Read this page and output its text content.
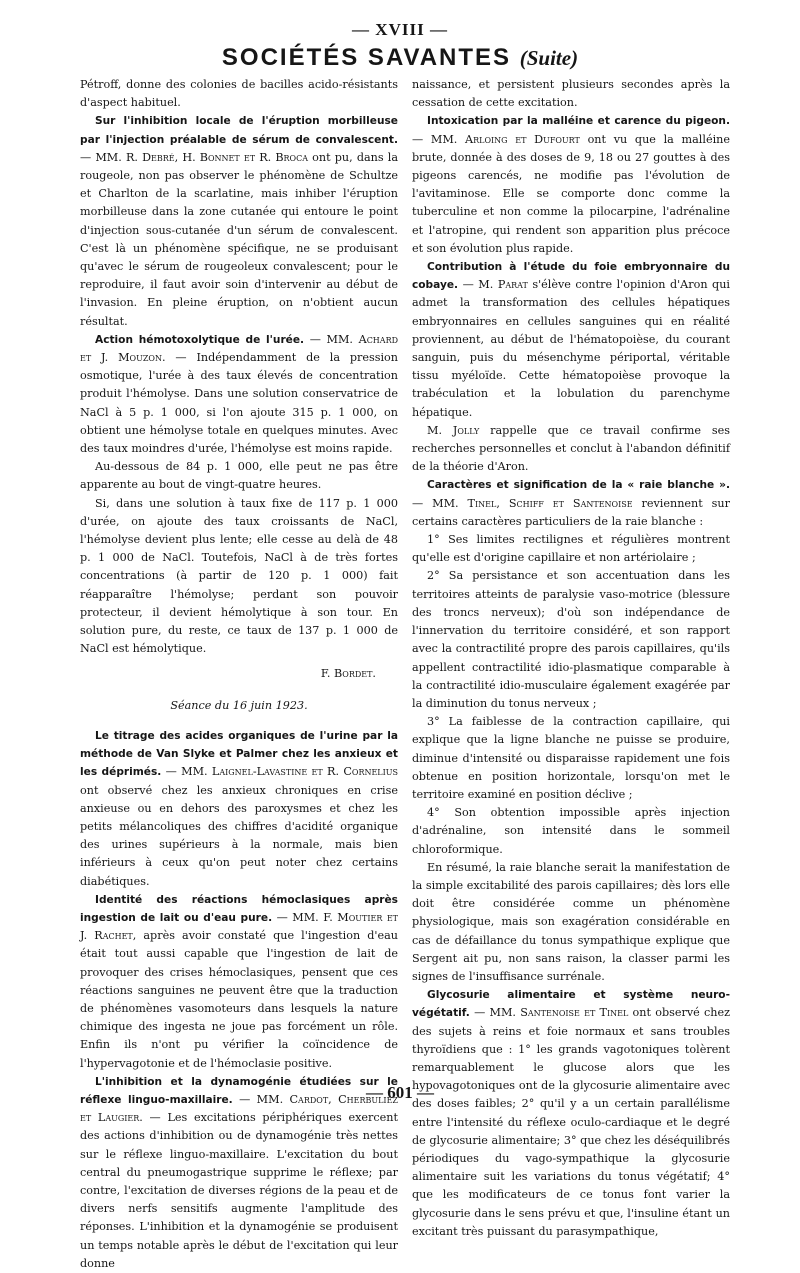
— XVIII —
SOCIÉTÉS SAVANTES (Suite)

Pétroff, donne des colonies de bacilles acido-résistants d'aspect habituel.

Sur l'inhibition locale de l'éruption morbilleuse par l'injection préalable de sérum de convalescent. — MM. R. Debré, H. Bonnet et R. Broca ont pu, dans la rougeole, non pas observer le phénomène de Schultze et Charlton de la scarlatine, mais inhiber l'éruption morbilleuse dans la zone cutanée qui entoure le point d'injection sous-cutanée d'un sérum de convalescent. C'est là un phénomène spécifique, ne se produisant qu'avec le sérum de rougeoleux convalescent; pour le reproduire, il faut avoir soin d'intervenir au début de l'invasion. En pleine éruption, on n'obtient aucun résultat.

Action hémotoxolytique de l'urée. — MM. Achard et J. Mouzon. — Indépendamment de la pression osmotique, l'urée à des taux élevés de concentration produit l'hémolyse. Dans une solution conservatrice de NaCl à 5 p. 1 000, si l'on ajoute 315 p. 1 000, on obtient une hémolyse totale en quelques minutes. Avec des taux moindres d'urée, l'hémolyse est moins rapide.

Au-dessous de 84 p. 1 000, elle peut ne pas être apparente au bout de vingt-quatre heures.

Si, dans une solution à taux fixe de 117 p. 1 000 d'urée, on ajoute des taux croissants de NaCl, l'hémolyse devient plus lente; elle cesse au delà de 48 p. 1 000 de NaCl. Toutefois, NaCl à de très fortes concentrations (à partir de 120 p. 1 000) fait réapparaître l'hémolyse; perdant son pouvoir protecteur, il devient hémolytique à son tour. En solution pure, du reste, ce taux de 137 p. 1 000 de NaCl est hémolytique.

F. Bordet.

Séance du 16 juin 1923.

Le titrage des acides organiques de l'urine par la méthode de Van Slyke et Palmer chez les anxieux et les déprimés. — MM. Laignel-Lavastine et R. Cornelius ont observé chez les anxieux chroniques en crise anxieuse ou en dehors des paroxysmes et chez les petits mélancoliques des chiffres d'acidité organique des urines supérieurs à la normale, mais bien inférieurs à ceux qu'on peut noter chez certains diabétiques.

Identité des réactions hémoclasiques après ingestion de lait ou d'eau pure. — MM. F. Moutier et J. Rachet, après avoir constaté que l'ingestion d'eau était tout aussi capable que l'ingestion de lait de provoquer des crises hémoclasiques, pensent que ces réactions sanguines ne peuvent être que la traduction de phénomènes vasomoteurs dans lesquels la nature chimique des ingesta ne joue pas forcément un rôle. Enfin ils n'ont pu vérifier la coïncidence de l'hypervagotonie et de l'hémoclasie positive.

L'inhibition et la dynamogénie étudiées sur le réflexe linguo-maxillaire. — MM. Cardot, Cherbuliez et Laugier. — Les excitations périphériques exercent des actions d'inhibition ou de dynamogénie très nettes sur le réflexe linguo-maxillaire. L'excitation du bout central du pneumogastrique supprime le réflexe; par contre, l'excitation de diverses régions de la peau et de divers nerfs sensitifs augmente l'amplitude des réponses. L'inhibition et la dynamogénie se produisent un temps notable après le début de l'excitation qui leur donne

naissance, et persistent plusieurs secondes après la cessation de cette excitation.

Intoxication par la malléine et carence du pigeon. — MM. Arloing et Dufourt ont vu que la malléine brute, donnée à des doses de 9, 18 ou 27 gouttes à des pigeons carencés, ne modifie pas l'évolution de l'avitaminose. Elle se comporte donc comme la tuberculine et non comme la pilocarpine, l'adrénaline et l'atropine, qui rendent son apparition plus précoce et son évolution plus rapide.

Contribution à l'étude du foie embryonnaire du cobaye. — M. Parat s'élève contre l'opinion d'Aron qui admet la transformation des cellules hépatiques embryonnaires en cellules sanguines qui en réalité proviennent, au début de l'hématopoièse, du courant sanguin, puis du mésenchyme périportal, véritable tissu myéloïde. Cette hématopoièse provoque la trabéculation et la lobulation du parenchyme hépatique.

M. Jolly rappelle que ce travail confirme ses recherches personnelles et conclut à l'abandon définitif de la théorie d'Aron.

Caractères et signification de la « raie blanche ». — MM. Tinel, Schiff et Santenoise reviennent sur certains caractères particuliers de la raie blanche :

1° Ses limites rectilignes et régulières montrent qu'elle est d'origine capillaire et non artériolaire ;

2° Sa persistance et son accentuation dans les territoires atteints de paralysie vaso-motrice (blessure des troncs nerveux); d'où son indépendance de l'innervation du territoire considéré, et son rapport avec la contractilité propre des parois capillaires, qu'ils appellent contractilité idio-plasmatique comparable à la contractilité idio-musculaire également exagérée par la diminution du tonus nerveux ;

3° La faiblesse de la contraction capillaire, qui explique que la ligne blanche ne puisse se produire, diminue d'intensité ou disparaisse rapidement une fois obtenue en position horizontale, lorsqu'on met le territoire examiné en position déclive ;

4° Son obtention impossible après injection d'adrénaline, son intensité dans le sommeil chloroformique.

En résumé, la raie blanche serait la manifestation de la simple excitabilité des parois capillaires; dès lors elle doit être considérée comme un phénomène physiologique, mais son exagération considérable en cas de défaillance du tonus sympathique explique que Sergent ait pu, non sans raison, la classer parmi les signes de l'insuffisance surrénale.

Glycosurie alimentaire et système neuro-végétatif. — MM. Santenoise et Tinel ont observé chez des sujets à reins et foie normaux et sans troubles thyroïdiens que : 1° les grands vagotoniques tolèrent remarquablement le glucose alors que les hypovagotoniques ont de la glycosurie alimentaire avec des doses faibles; 2° qu'il y a un certain parallélisme entre l'intensité du réflexe oculo-cardiaque et le degré de glycosurie alimentaire; 3° que chez les déséquilibrés périodiques du vago-sympathique la glycosurie alimentaire suit les variations du tonus végétatif; 4° que les modificateurs de ce tonus font varier la glycosurie dans le sens prévu et que, l'insuline étant un excitant très puissant du parasympathique,

— 601 —
